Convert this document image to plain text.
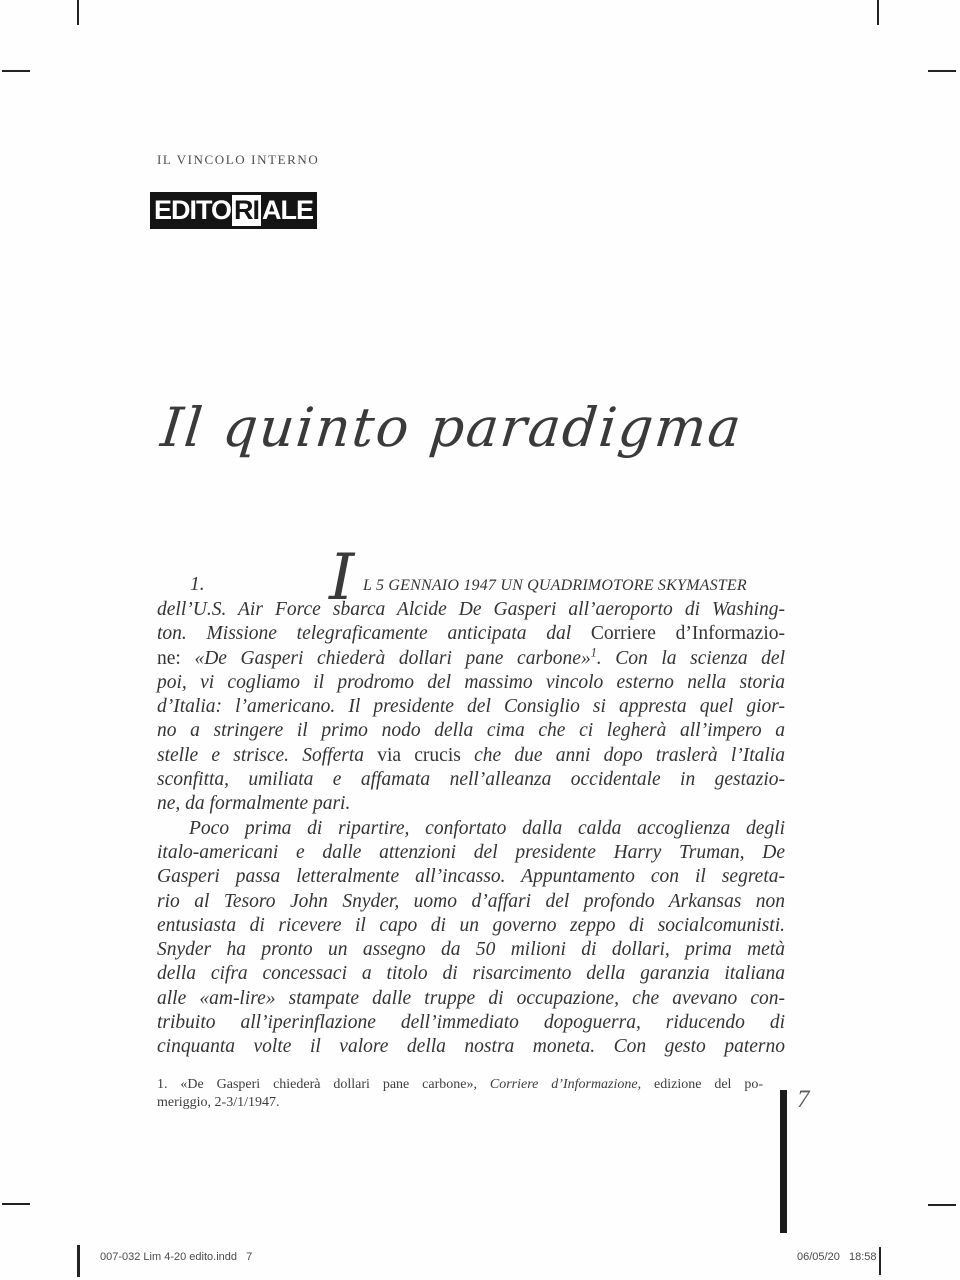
IL VINCOLO INTERNO
EDITO RI ALE
Il quinto paradigma
1. I L 5 GENNAIO 1947 UN QUADRIMOTORE SKYMASTER
dell’U.S. Air Force sbarca Alcide De Gasperi all’aeroporto di Washing-
ton. Missione telegraficamente anticipata dal Corriere d’Informazio-
ne: «De Gasperi chiederà dollari pane carbone»$^1$. Con la scienza del
poi, vi cogliamo il prodromo del massimo vincolo esterno nella storia
d’Italia: l’americano. Il presidente del Consiglio si appresta quel gior-
no a stringere il primo nodo della cima che ci legherà all’impero a
stelle e strisce. Sofferta via crucis che due anni dopo traslerà l’Italia
sconfitta, umiliata e affamata nell’alleanza occidentale in gestazio-
ne, da formalmente pari.
Poco prima di ripartire, confortato dalla calda accoglienza degli
italo-americani e dalle attenzioni del presidente Harry Truman, De
Gasperi passa letteralmente all’incasso. Appuntamento con il segreta-
rio al Tesoro John Snyder, uomo d’affari del profondo Arkansas non
entusiasta di ricevere il capo di un governo zeppo di socialcomunisti.
Snyder ha pronto un assegno da 50 milioni di dollari, prima metà
della cifra concessaci a titolo di risarcimento della garanzia italiana
alle «am-lire» stampate dalle truppe di occupazione, che avevano con-
tribuito all’iperinflazione dell’immediato dopoguerra, riducendo di
cinquanta volte il valore della nostra moneta. Con gesto paterno
1. «De Gasperi chiederà dollari pane carbone», Corriere d’Informazione, edizione del po-
meriggio, 2-3/1/1947.	7
007-032 Lim 4-20 edito.indd   7	06/05/20 18:58
